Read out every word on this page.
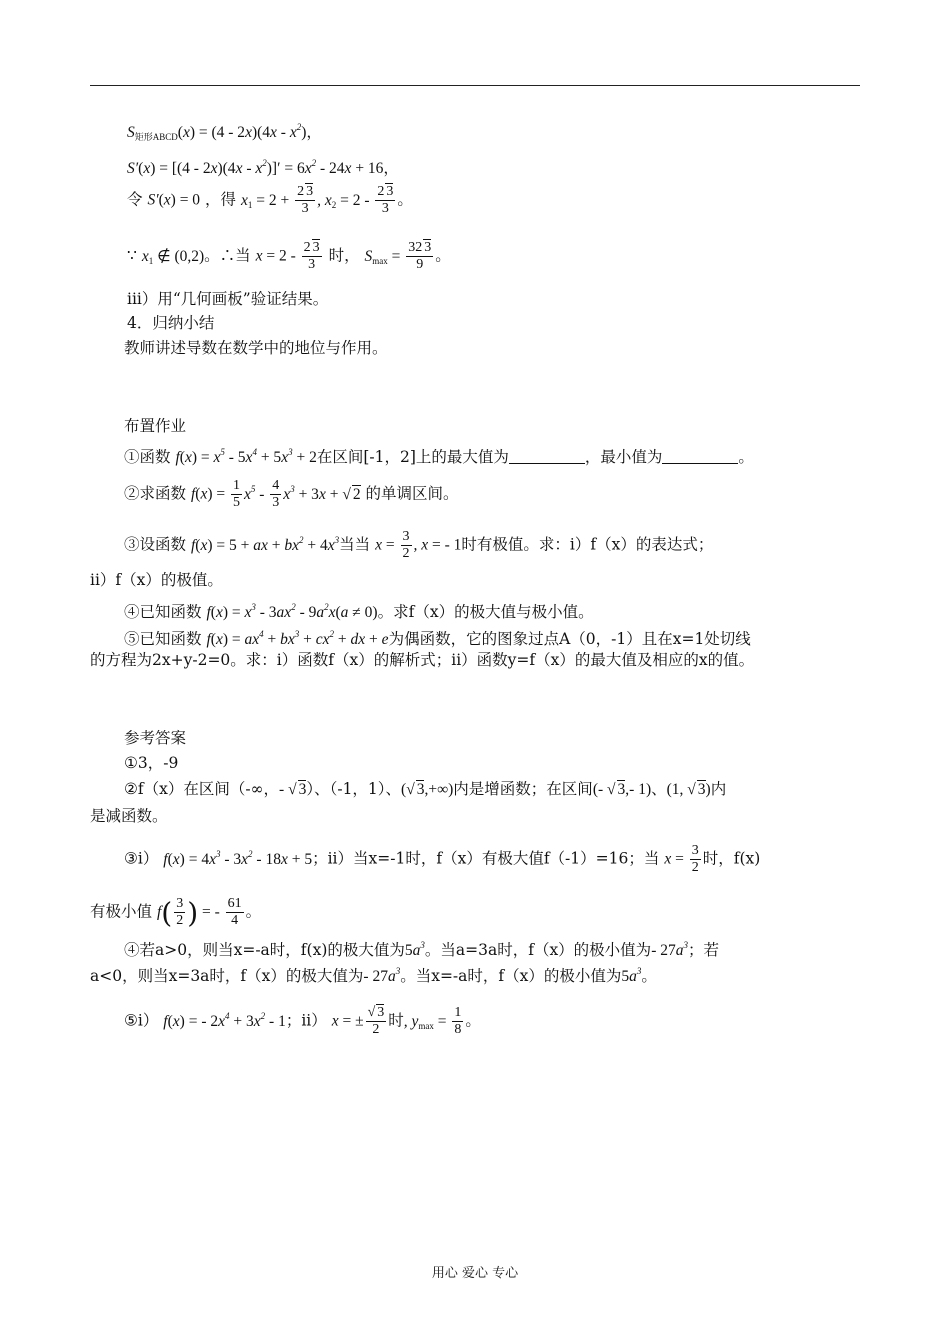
$S_{矩形ABCD}(x) = (4 - 2x)(4x - x^2)$，
$S'(x) = [(4 - 2x)(4x - x^2)]' = 6x^2 - 24x + 16$，
令 S′(x) = 0 ，得 $x_1 = 2 + \frac{2 3}{3}$ , $x_2 = 2 - \frac{2 3}{3}$ 。
∵ $x_1$ ∉ (0,2)。∴当 $x = 2 - \frac{2 3}{3}$ 时， $S_{max} = \frac{32 3}{9}$ 。
iii）用“几何画板”验证结果。
4．归纳小结
教师讲述导数在数学中的地位与作用。
布置作业
①函数 $f(x) = x^5 - 5x^4 + 5x^3 + 2$在区间[-1，2]上的最大值为	，最小值为	。
②求函数 $f(x) = \frac{1}{5} x^5 - \frac{4}{3} x^3 + 3x$ + √ 2 的单调区间。
③设函数 f(x) = 5 + ax + $bx^2 + 4x^3$当当 $x = \frac{3}{2}$ , x = - 1时有极值。求：i）f（x）的表达式；
ii）f（x）的极值。
④已知函数 $f(x) = x^3 - 3ax^2 - 9a^2x(a \ne 0)$。求f（x）的极大值与极小值。
⑤已知函数 $f(x) = ax^4 + bx^3 + cx^2$ + dx + e为偶函数，它的图象过点A（0，-1）且在x=1处切线
的方程为2x+y-2=0。求：i）函数f（x）的解析式；ii）函数y=f（x）的最大值及相应的x的值。
参考答案
①3，-9
②f（x）在区间（-∞，- √ 3）、（-1，1）、(√ 3,+∞)内是增函数；在区间(- √ 3,- 1)、(1, √ 3)内
是减函数。
③i） $f(x) = 4x^3 - 3x^2 - 18x + 5$；ii）当x=-1时，f（x）有极大值f（-1）=16；当 $x = \frac{3}{2}$ 时，f(x)
有极小值 $f( \frac{3}{2}$ ) = - $\frac{61}{4}$ 。
④若a>0，则当x=-a时，f(x)的极大值为$5a^3$。当a=3a时，f（x）的极小值为- $27a^3$；若
a<0，则当x=3a时，f（x）的极大值为- $27a^3$。当x=-a时，f（x）的极小值为$5a^3$。
⑤i） f(x) = - $2x^4 + 3x^2 - 1$；ii） x = ± $\frac{√ 3}{2}$ 时, $y_{max} = \frac{1}{8}$ 。
用心 爱心 专心
